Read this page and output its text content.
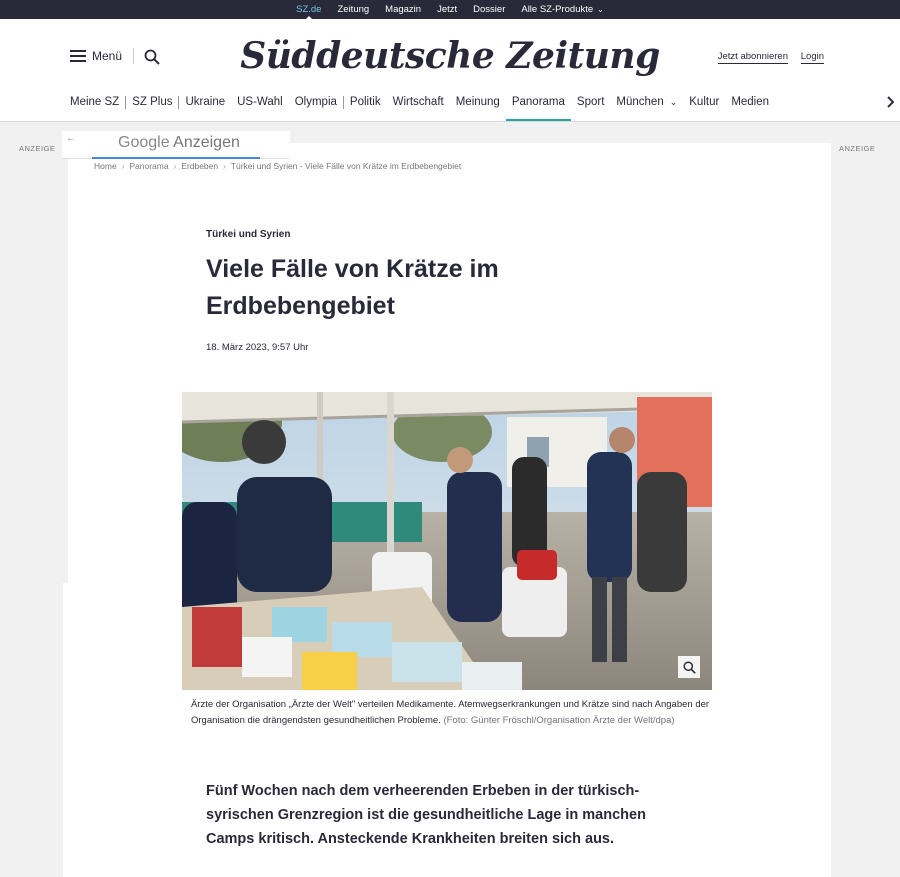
SZ.de	Zeitung	Magazin	Jetzt	Dossier	Alle SZ-Produkte ⌄
Menü	Süddeutsche Zeitung	Jetzt abonnieren Login
Meine SZ	SZ Plus	Ukraine	US-Wahl	Olympia	Politik	Wirtschaft	Meinung	Panorama	Sport	München ⌄	Kultur	Medien
ANZEIGE	ANZEIGE
←	Google Anzeigen
Home › Panorama › Erdbeben › Türkei und Syrien - Viele Fälle von Krätze im Erdbebengebiet
Türkei und Syrien
Viele Fälle von Krätze im Erdbebengebiet
18. März 2023, 9:57 Uhr

Ärzte der Organisation „Ärzte der Welt" verteilen Medikamente. Atemwegserkrankungen und Krätze sind nach Angaben der Organisation die drängendsten gesundheitlichen Probleme. (Foto: Günter Fröschl/Organisation Ärzte der Welt/dpa)

Fünf Wochen nach dem verheerenden Erbeben in der türkisch-syrischen Grenzregion ist die gesundheitliche Lage in manchen Camps kritisch. Ansteckende Krankheiten breiten sich aus.
